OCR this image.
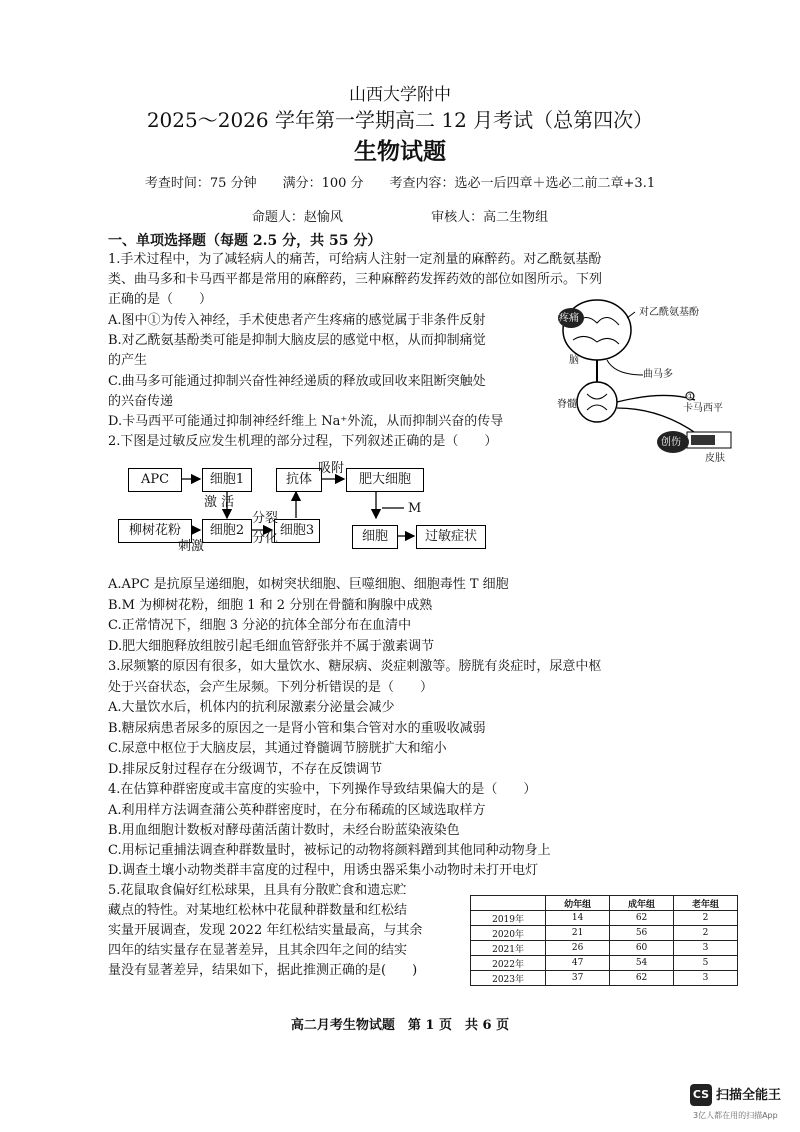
山西大学附中
2025～2026 学年第一学期高二 12 月考试（总第四次）
生物试题
考查时间：75 分钟　　满分：100 分　　考查内容：选必一后四章＋选必二前二章+3.1
命题人：赵愉风	审核人：高二生物组
一、单项选择题（每题 2.5 分，共 55 分）
1.手术过程中，为了减轻病人的痛苦，可给病人注射一定剂量的麻醉药。对乙酰氨基酚
类、曲马多和卡马西平都是常用的麻醉药，三种麻醉药发挥药效的部位如图所示。下列
正确的是（　　）
A.图中①为传入神经，手术使患者产生疼痛的感觉属于非条件反射
B.对乙酰氨基酚类可能是抑制大脑皮层的感觉中枢，从而抑制痛觉
的产生
C.曲马多可能通过抑制兴奋性神经递质的释放或回收来阻断突触处
的兴奋传递
D.卡马西平可能通过抑制神经纤维上 Na⁺外流，从而抑制兴奋的传导
2.下图是过敏反应发生机理的部分过程，下列叙述正确的是（　　）
A.APC 是抗原呈递细胞，如树突状细胞、巨噬细胞、细胞毒性 T 细胞
B.M 为柳树花粉，细胞 1 和 2 分别在骨髓和胸腺中成熟
C.正常情况下，细胞 3 分泌的抗体全部分布在血清中
D.肥大细胞释放组胺引起毛细血管舒张并不属于激素调节
3.尿频繁的原因有很多，如大量饮水、糖尿病、炎症刺激等。膀胱有炎症时，尿意中枢
处于兴奋状态，会产生尿频。下列分析错误的是（　　）
A.大量饮水后，机体内的抗利尿激素分泌量会减少
B.糖尿病患者尿多的原因之一是肾小管和集合管对水的重吸收减弱
C.尿意中枢位于大脑皮层，其通过脊髓调节膀胱扩大和缩小
D.排尿反射过程存在分级调节，不存在反馈调节
4.在估算种群密度或丰富度的实验中，下列操作导致结果偏大的是（　　）
A.利用样方法调查蒲公英种群密度时，在分布稀疏的区域选取样方
B.用血细胞计数板对酵母菌活菌计数时，未经台盼蓝染液染色
C.用标记重捕法调查种群数量时，被标记的动物将颜料蹭到其他同种动物身上
D.调查土壤小动物类群丰富度的过程中，用诱虫器采集小动物时未打开电灯
5.花鼠取食偏好红松球果，且具有分散贮食和遗忘贮
藏点的特性。对某地红松林中花鼠种群数量和红松结
实量开展调查，发现 2022 年红松结实量最高，与其余
四年的结实量存在显著差异，且其余四年之间的结实
量没有显著差异，结果如下，据此推测正确的是(　　)
疼痛
对乙酰氨基酚
脑
曲马多
脊髓	卡马西平
①
创伤
皮肤
APC	细胞1
柳树花粉	细胞2	细胞3
抗体	肥大细胞
细胞	过敏症状
激 活
刺激
分裂
分化
吸附
M
	幼年组	成年组	老年组
2019年	14	62	2
2020年	21	56	2
2021年	26	60	3
2022年	47	54	5
2023年	37	62	3
高二月考生物试题　第 1 页　共 6 页
CS 扫描全能王
3亿人都在用的扫描App
